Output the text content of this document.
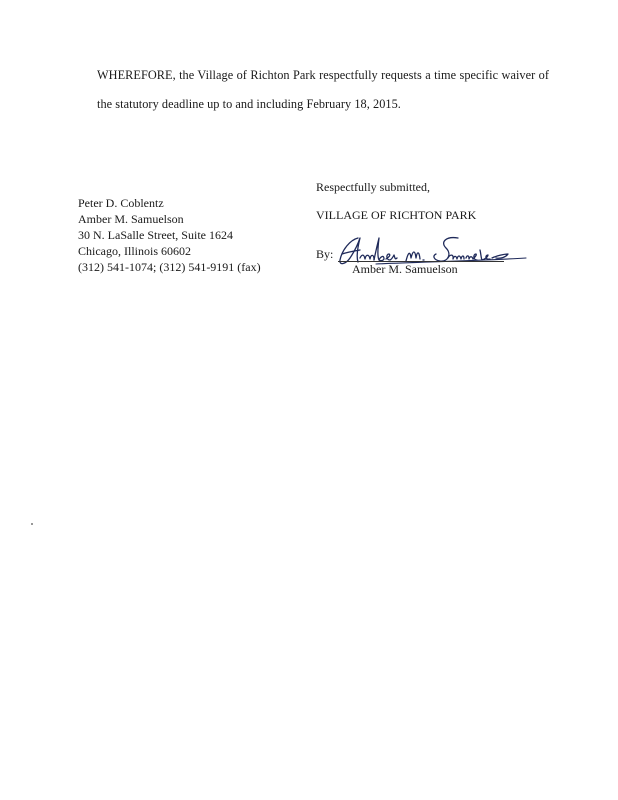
WHEREFORE, the Village of Richton Park respectfully requests a time specific waiver of
the statutory deadline up to and including February 18, 2015.
Peter D. Coblentz
Amber M. Samuelson
30 N. LaSalle Street, Suite 1624
Chicago, Illinois 60602
(312) 541-1074; (312) 541-9191 (fax)
Respectfully submitted,
VILLAGE OF RICHTON PARK
By:
Amber M. Samuelson
